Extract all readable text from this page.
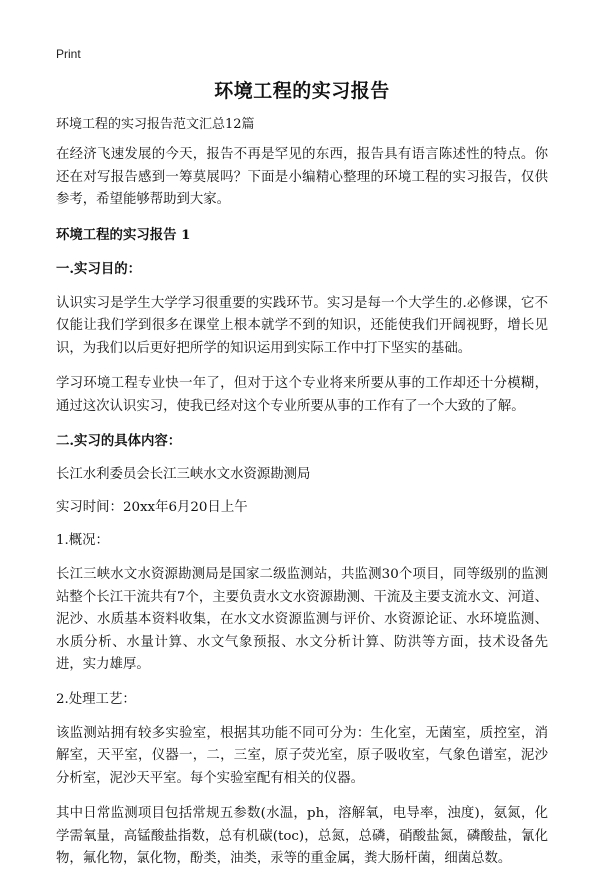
Print
环境工程的实习报告
环境工程的实习报告范文汇总12篇

在经济飞速发展的今天，报告不再是罕见的东西，报告具有语言陈述性的特点。你还在对写报告感到一筹莫展吗？下面是小编精心整理的环境工程的实习报告，仅供参考，希望能够帮助到大家。

环境工程的实习报告 1
一.实习目的：

认识实习是学生大学学习很重要的实践环节。实习是每一个大学生的.必修课，它不仅能让我们学到很多在课堂上根本就学不到的知识，还能使我们开阔视野，增长见识，为我们以后更好把所学的知识运用到实际工作中打下坚实的基础。

学习环境工程专业快一年了，但对于这个专业将来所要从事的工作却还十分模糊，通过这次认识实习，使我已经对这个专业所要从事的工作有了一个大致的了解。

二.实习的具体内容：

长江水利委员会长江三峡水文水资源勘测局

实习时间：20xx年6月20日上午

1.概况：

长江三峡水文水资源勘测局是国家二级监测站，共监测30个项目，同等级别的监测站整个长江干流共有7个，主要负责水文水资源勘测、干流及主要支流水文、河道、泥沙、水质基本资料收集，在水文水资源监测与评价、水资源论证、水环境监测、水质分析、水量计算、水文气象预报、水文分析计算、防洪等方面，技术设备先进，实力雄厚。

2.处理工艺：

该监测站拥有较多实验室，根据其功能不同可分为：生化室，无菌室，质控室，消解室，天平室，仪器一，二，三室，原子荧光室，原子吸收室，气象色谱室，泥沙分析室，泥沙天平室。每个实验室配有相关的仪器。

其中日常监测项目包括常规五参数(水温，ph，溶解氧，电导率，浊度)，氨氮，化学需氧量，高锰酸盐指数，总有机碳(toc)，总氮，总磷，硝酸盐氮，磷酸盐，氰化物，氟化物，氯化物，酚类，油类，汞等的重金属，粪大肠杆菌，细菌总数。
